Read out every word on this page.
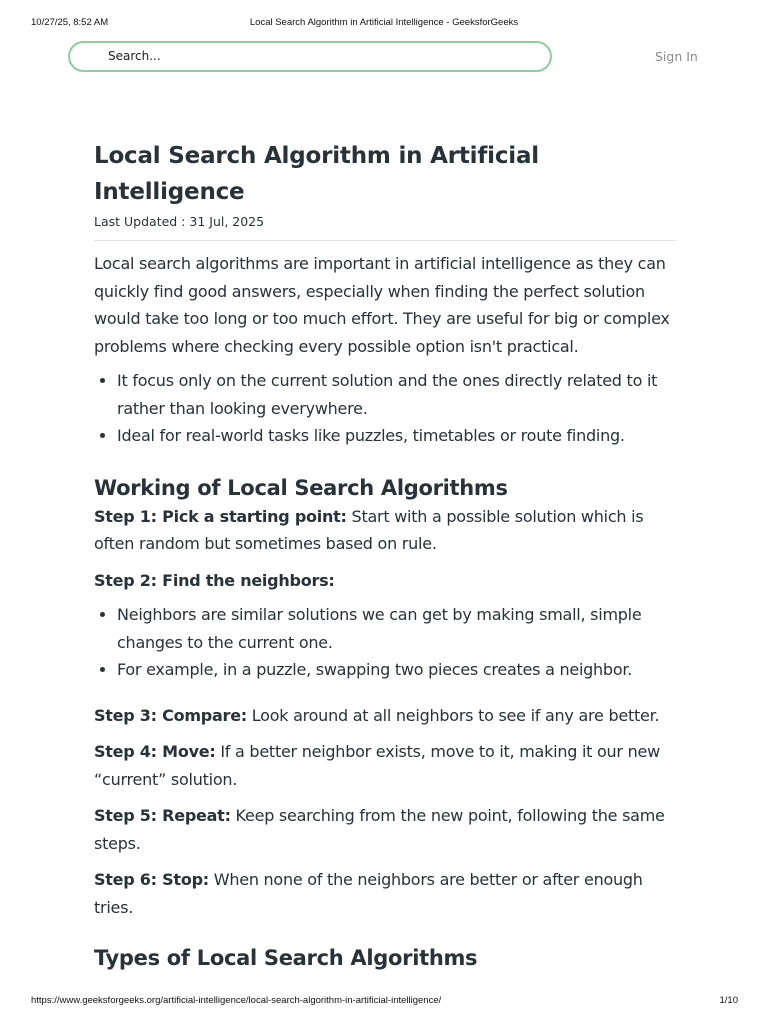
10/27/25, 8:52 AM	Local Search Algorithm in Artificial Intelligence - GeeksforGeeks
Search...
Sign In
Local Search Algorithm in Artificial Intelligence
Last Updated : 31 Jul, 2025

Local search algorithms are important in artificial intelligence as they can quickly find good answers, especially when finding the perfect solution would take too long or too much effort. They are useful for big or complex problems where checking every possible option isn't practical.

• It focus only on the current solution and the ones directly related to it rather than looking everywhere.
• Ideal for real-world tasks like puzzles, timetables or route finding.
Working of Local Search Algorithms

Step 1: Pick a starting point: Start with a possible solution which is often random but sometimes based on rule.

Step 2: Find the neighbors:

• Neighbors are similar solutions we can get by making small, simple changes to the current one.
• For example, in a puzzle, swapping two pieces creates a neighbor.

Step 3: Compare: Look around at all neighbors to see if any are better.

Step 4: Move: If a better neighbor exists, move to it, making it our new “current” solution.

Step 5: Repeat: Keep searching from the new point, following the same steps.

Step 6: Stop: When none of the neighbors are better or after enough tries.

Types of Local Search Algorithms
https://www.geeksforgeeks.org/artificial-intelligence/local-search-algorithm-in-artificial-intelligence/	1/10
